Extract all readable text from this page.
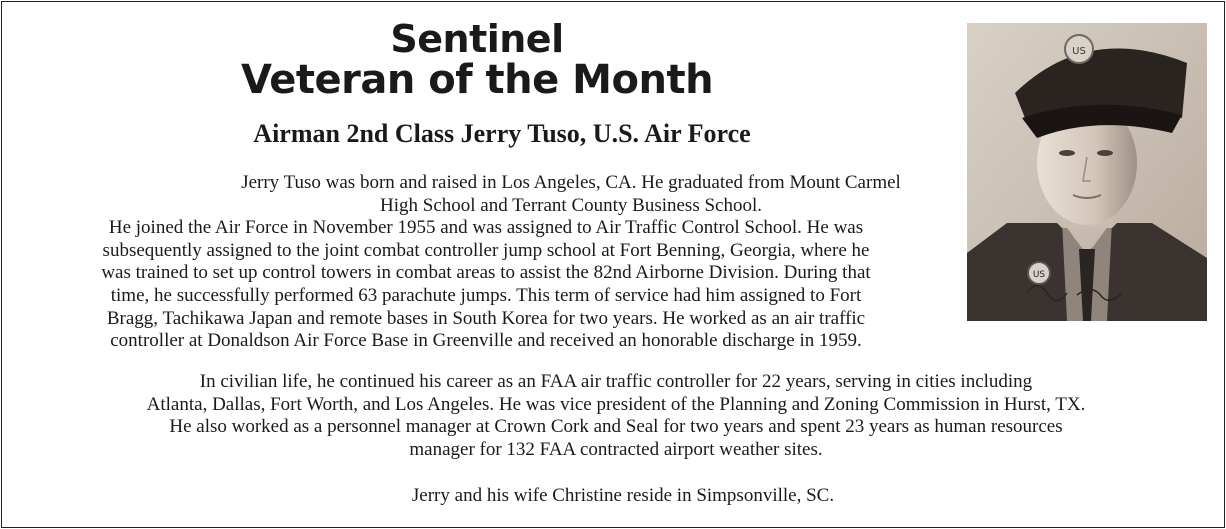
Sentinel
Veteran of the Month
Airman 2nd Class Jerry Tuso, U.S. Air Force

Jerry Tuso was born and raised in Los Angeles, CA. He graduated from Mount Carmel
High School and Terrant County Business School.
He joined the Air Force in November 1955 and was assigned to Air Traffic Control School. He was
subsequently assigned to the joint combat controller jump school at Fort Benning, Georgia, where he
was trained to set up control towers in combat areas to assist the 82nd Airborne Division. During that
time, he successfully performed 63 parachute jumps. This term of service had him assigned to Fort
Bragg, Tachikawa Japan and remote bases in South Korea for two years. He worked as an air traffic
controller at Donaldson Air Force Base in Greenville and received an honorable discharge in 1959.

In civilian life, he continued his career as an FAA air traffic controller for 22 years, serving in cities including
Atlanta, Dallas, Fort Worth, and Los Angeles. He was vice president of the Planning and Zoning Commission in Hurst, TX.
He also worked as a personnel manager at Crown Cork and Seal for two years and spent 23 years as human resources
manager for 132 FAA contracted airport weather sites.

Jerry and his wife Christine reside in Simpsonville, SC.

US
US
